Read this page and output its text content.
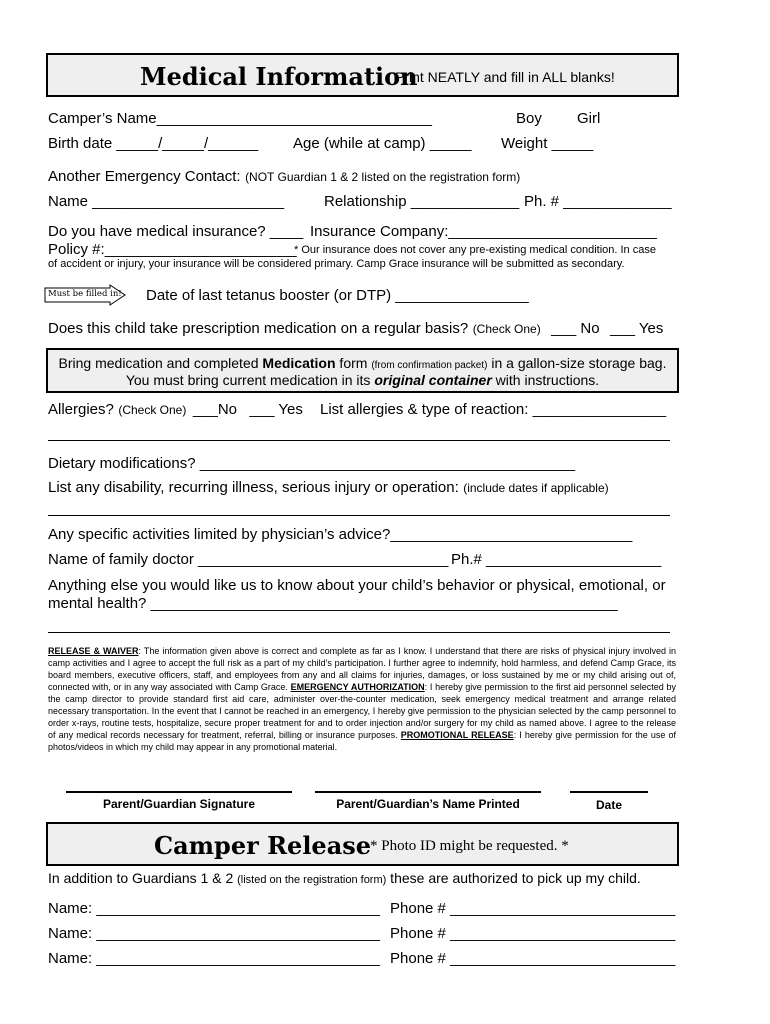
Medical Information
Print NEATLY and fill in ALL blanks!
Camper’s Name_________________________________	Boy Girl
Birth date _____/_____/______ Age (while at camp) _____ Weight _____
Another Emergency Contact: (NOT Guardian 1 & 2 listed on the registration form)
Name _______________________	Relationship _____________ Ph. # _____________
Do you have medical insurance? ____ Insurance Company:_________________________
Policy #:_______________________
* Our insurance does not cover any pre-existing medical condition. In case
of accident or injury, your insurance will be considered primary. Camp Grace insurance will be submitted as secondary.
Must be filled in! Date of last tetanus booster (or DTP) ________________
Does this child take prescription medication on a regular basis? (Check One) ___ No ___ Yes
Bring medication and completed Medication form (from confirmation packet) in a gallon-size storage bag.
You must bring current medication in its original container with instructions.
Allergies? (Check One) ___No ___ Yes List allergies & type of reaction: ________________
Dietary modifications? _____________________________________________
List any disability, recurring illness, serious injury or operation: (include dates if applicable)
Any specific activities limited by physician’s advice?_____________________________
Name of family doctor ______________________________ Ph.# _____________________
Anything else you would like us to know about your child’s behavior or physical, emotional, or
mental health? ________________________________________________________
RELEASE & WAIVER: The information given above is correct and complete as far as I know. I understand that there are risks of physical injury involved in camp activities and I agree to accept the full risk as a part of my child’s participation. I further agree to indemnify, hold harmless, and defend Camp Grace, its board members, executive officers, staff, and employees from any and all claims for injuries, damages, or loss sustained by me or my child arising out of, connected with, or in any way associated with Camp Grace. EMERGENCY AUTHORIZATION: I hereby give permission to the first aid personnel selected by the camp director to provide standard first aid care, administer over-the-counter medication, seek emergency medical treatment and arrange related necessary transportation. In the event that I cannot be reached in an emergency, I hereby give permission to the physician selected by the camp personnel to order x-rays, routine tests, hospitalize, secure proper treatment for and to order injection and/or surgery for my child as named above. I agree to the release of any medical records necessary for treatment, referral, billing or insurance purposes. PROMOTIONAL RELEASE: I hereby give permission for the use of photos/videos in which my child may appear in any promotional material.
Parent/Guardian Signature	Parent/Guardian’s Name Printed	Date
Camper Release
* Photo ID might be requested. *
In addition to Guardians 1 & 2 (listed on the registration form) these are authorized to pick up my child.
Name: __________________________________ Phone # ___________________________
Name: __________________________________ Phone # ___________________________
Name: __________________________________ Phone # ___________________________
